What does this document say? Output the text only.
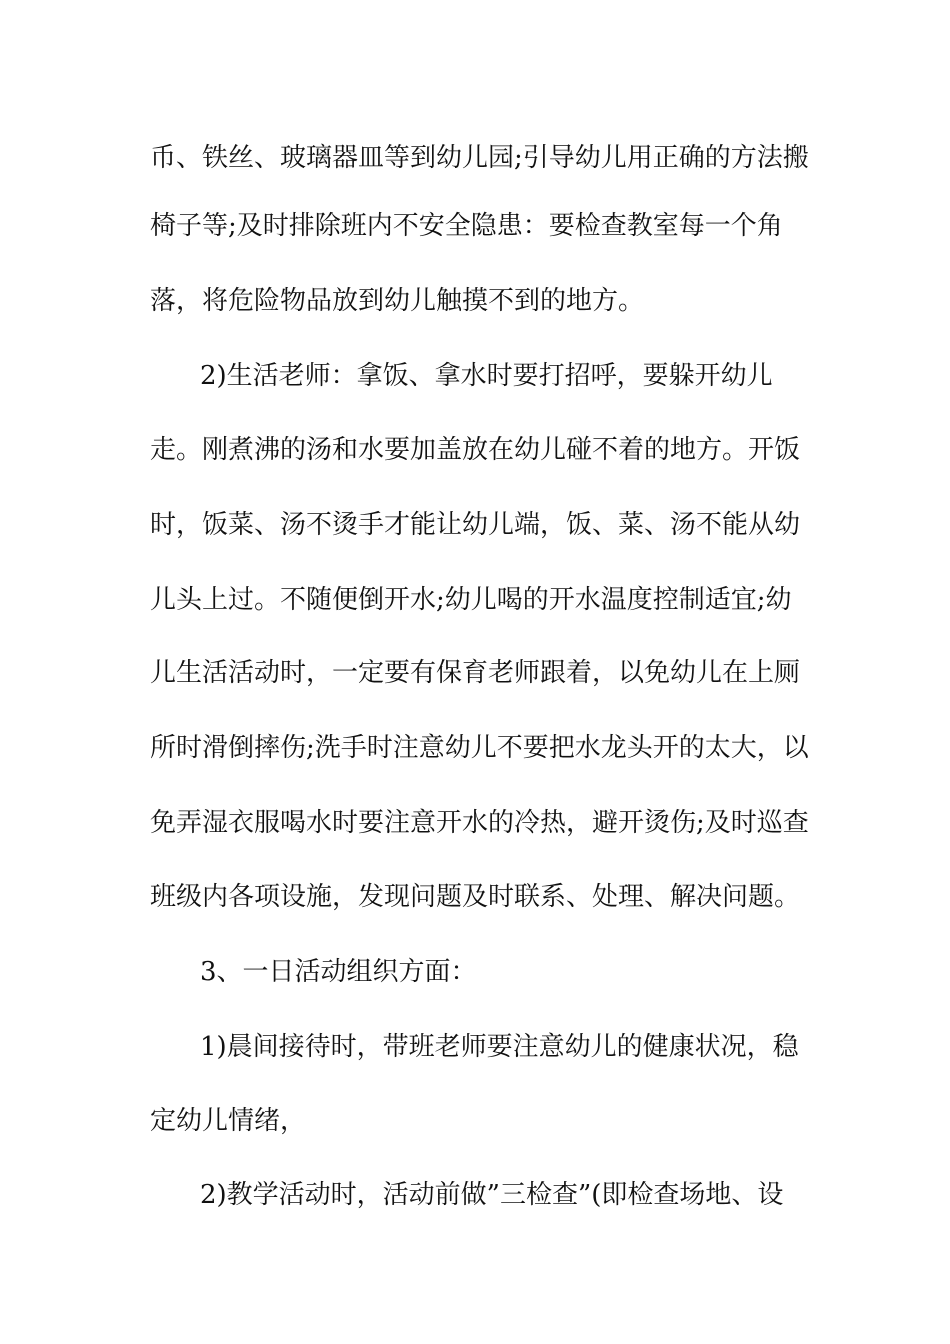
币、铁丝、玻璃器皿等到幼儿园;引导幼儿用正确的方法搬
椅子等;及时排除班内不安全隐患：要检查教室每一个角
落，将危险物品放到幼儿触摸不到的地方。
2)生活老师：拿饭、拿水时要打招呼，要躲开幼儿
走。刚煮沸的汤和水要加盖放在幼儿碰不着的地方。开饭
时，饭菜、汤不烫手才能让幼儿端，饭、菜、汤不能从幼
儿头上过。不随便倒开水;幼儿喝的开水温度控制适宜;幼
儿生活活动时，一定要有保育老师跟着，以免幼儿在上厕
所时滑倒摔伤;洗手时注意幼儿不要把水龙头开的太大，以
免弄湿衣服喝水时要注意开水的冷热，避开烫伤;及时巡查
班级内各项设施，发现问题及时联系、处理、解决问题。
3、一日活动组织方面：
1)晨间接待时，带班老师要注意幼儿的健康状况，稳
定幼儿情绪，
2)教学活动时，活动前做”三检查”(即检查场地、设
